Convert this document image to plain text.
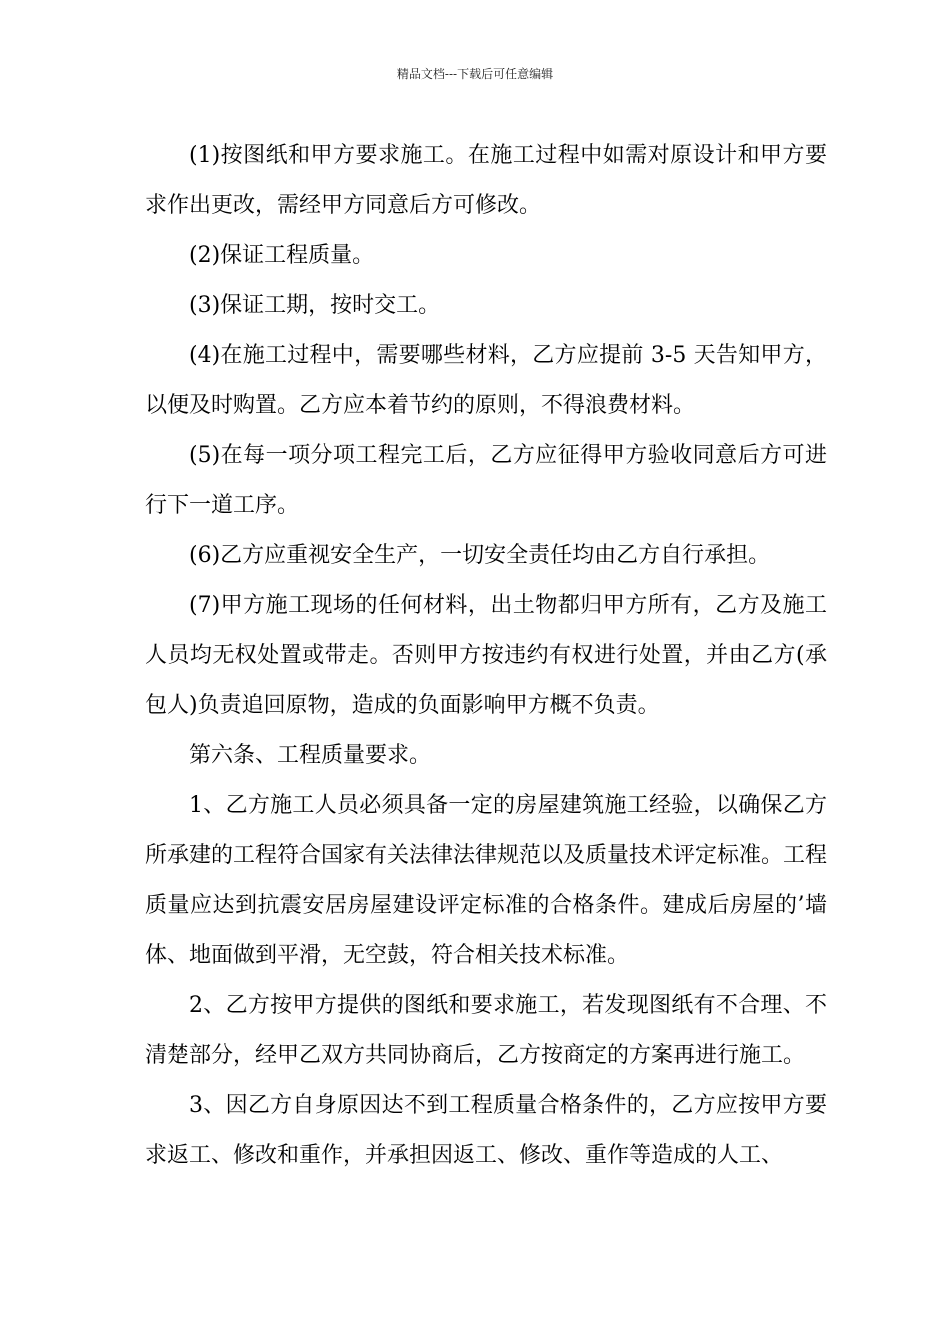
精品文档---下载后可任意编辑

(1)按图纸和甲方要求施工。在施工过程中如需对原设计和甲方要求作出更改，需经甲方同意后方可修改。

(2)保证工程质量。

(3)保证工期，按时交工。

(4)在施工过程中，需要哪些材料，乙方应提前 3-5 天告知甲方，以便及时购置。乙方应本着节约的原则，不得浪费材料。

(5)在每一项分项工程完工后，乙方应征得甲方验收同意后方可进行下一道工序。

(6)乙方应重视安全生产，一切安全责任均由乙方自行承担。

(7)甲方施工现场的任何材料，出土物都归甲方所有，乙方及施工人员均无权处置或带走。否则甲方按违约有权进行处置，并由乙方(承包人)负责追回原物，造成的负面影响甲方概不负责。

第六条、工程质量要求。

1、乙方施工人员必须具备一定的房屋建筑施工经验，以确保乙方所承建的工程符合国家有关法律法律规范以及质量技术评定标准。工程质量应达到抗震安居房屋建设评定标准的合格条件。建成后房屋的’墙体、地面做到平滑，无空鼓，符合相关技术标准。

2、乙方按甲方提供的图纸和要求施工，若发现图纸有不合理、不清楚部分，经甲乙双方共同协商后，乙方按商定的方案再进行施工。

3、因乙方自身原因达不到工程质量合格条件的，乙方应按甲方要求返工、修改和重作，并承担因返工、修改、重作等造成的人工、
